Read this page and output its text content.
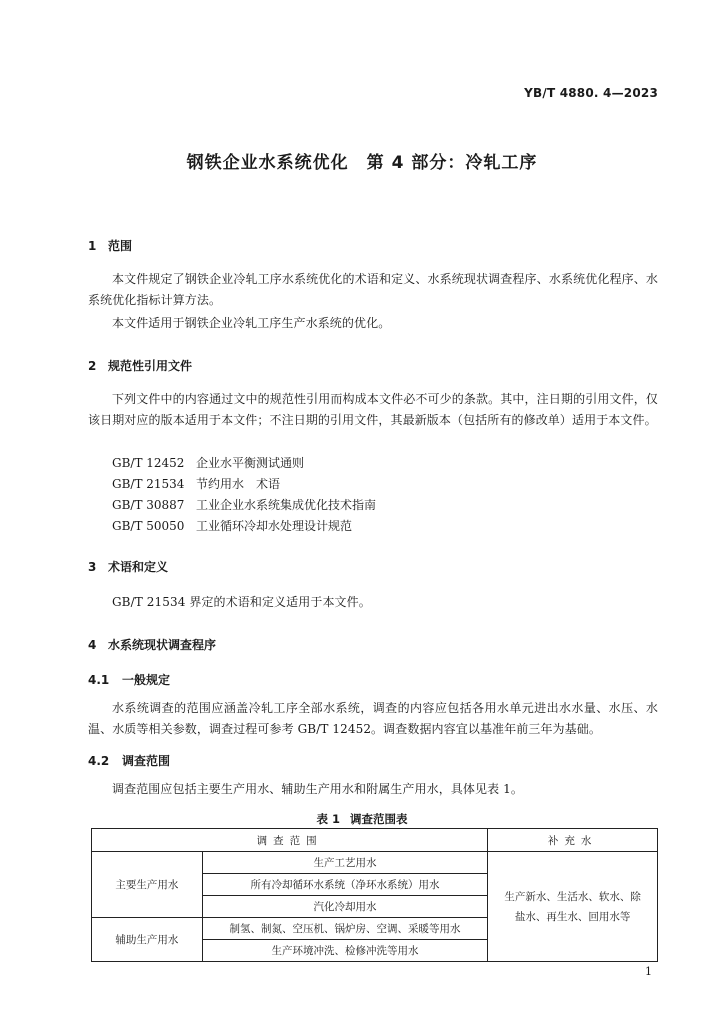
YB/T 4880. 4—2023
钢铁企业水系统优化　第 4 部分：冷轧工序
1 范围
本文件规定了钢铁企业冷轧工序水系统优化的术语和定义、水系统现状调查程序、水系统优化程序、水系统优化指标计算方法。
本文件适用于钢铁企业冷轧工序生产水系统的优化。
2 规范性引用文件
下列文件中的内容通过文中的规范性引用而构成本文件必不可少的条款。其中，注日期的引用文件，仅该日期对应的版本适用于本文件；不注日期的引用文件，其最新版本（包括所有的修改单）适用于本文件。
GB/T 12452 企业水平衡测试通则
GB/T 21534 节约用水　术语
GB/T 30887 工业企业水系统集成优化技术指南
GB/T 50050 工业循环冷却水处理设计规范
3 术语和定义
GB/T 21534 界定的术语和定义适用于本文件。
4 水系统现状调查程序
4.1 一般规定
水系统调查的范围应涵盖冷轧工序全部水系统，调查的内容应包括各用水单元进出水水量、水压、水温、水质等相关参数，调查过程可参考 GB/T 12452。调查数据内容宜以基准年前三年为基础。
4.2 调查范围
调查范围应包括主要生产用水、辅助生产用水和附属生产用水，具体见表 1。
表 1 调查范围表
调查范围		补充水
主要生产用水	生产工艺用水	生产新水、生活水、软水、除盐水、再生水、回用水等
	所有冷却循环水系统（净环水系统）用水	
	汽化冷却用水	
辅助生产用水	制氢、制氮、空压机、锅炉房、空调、采暖等用水	
	生产环境冲洗、检修冲洗等用水	
1
